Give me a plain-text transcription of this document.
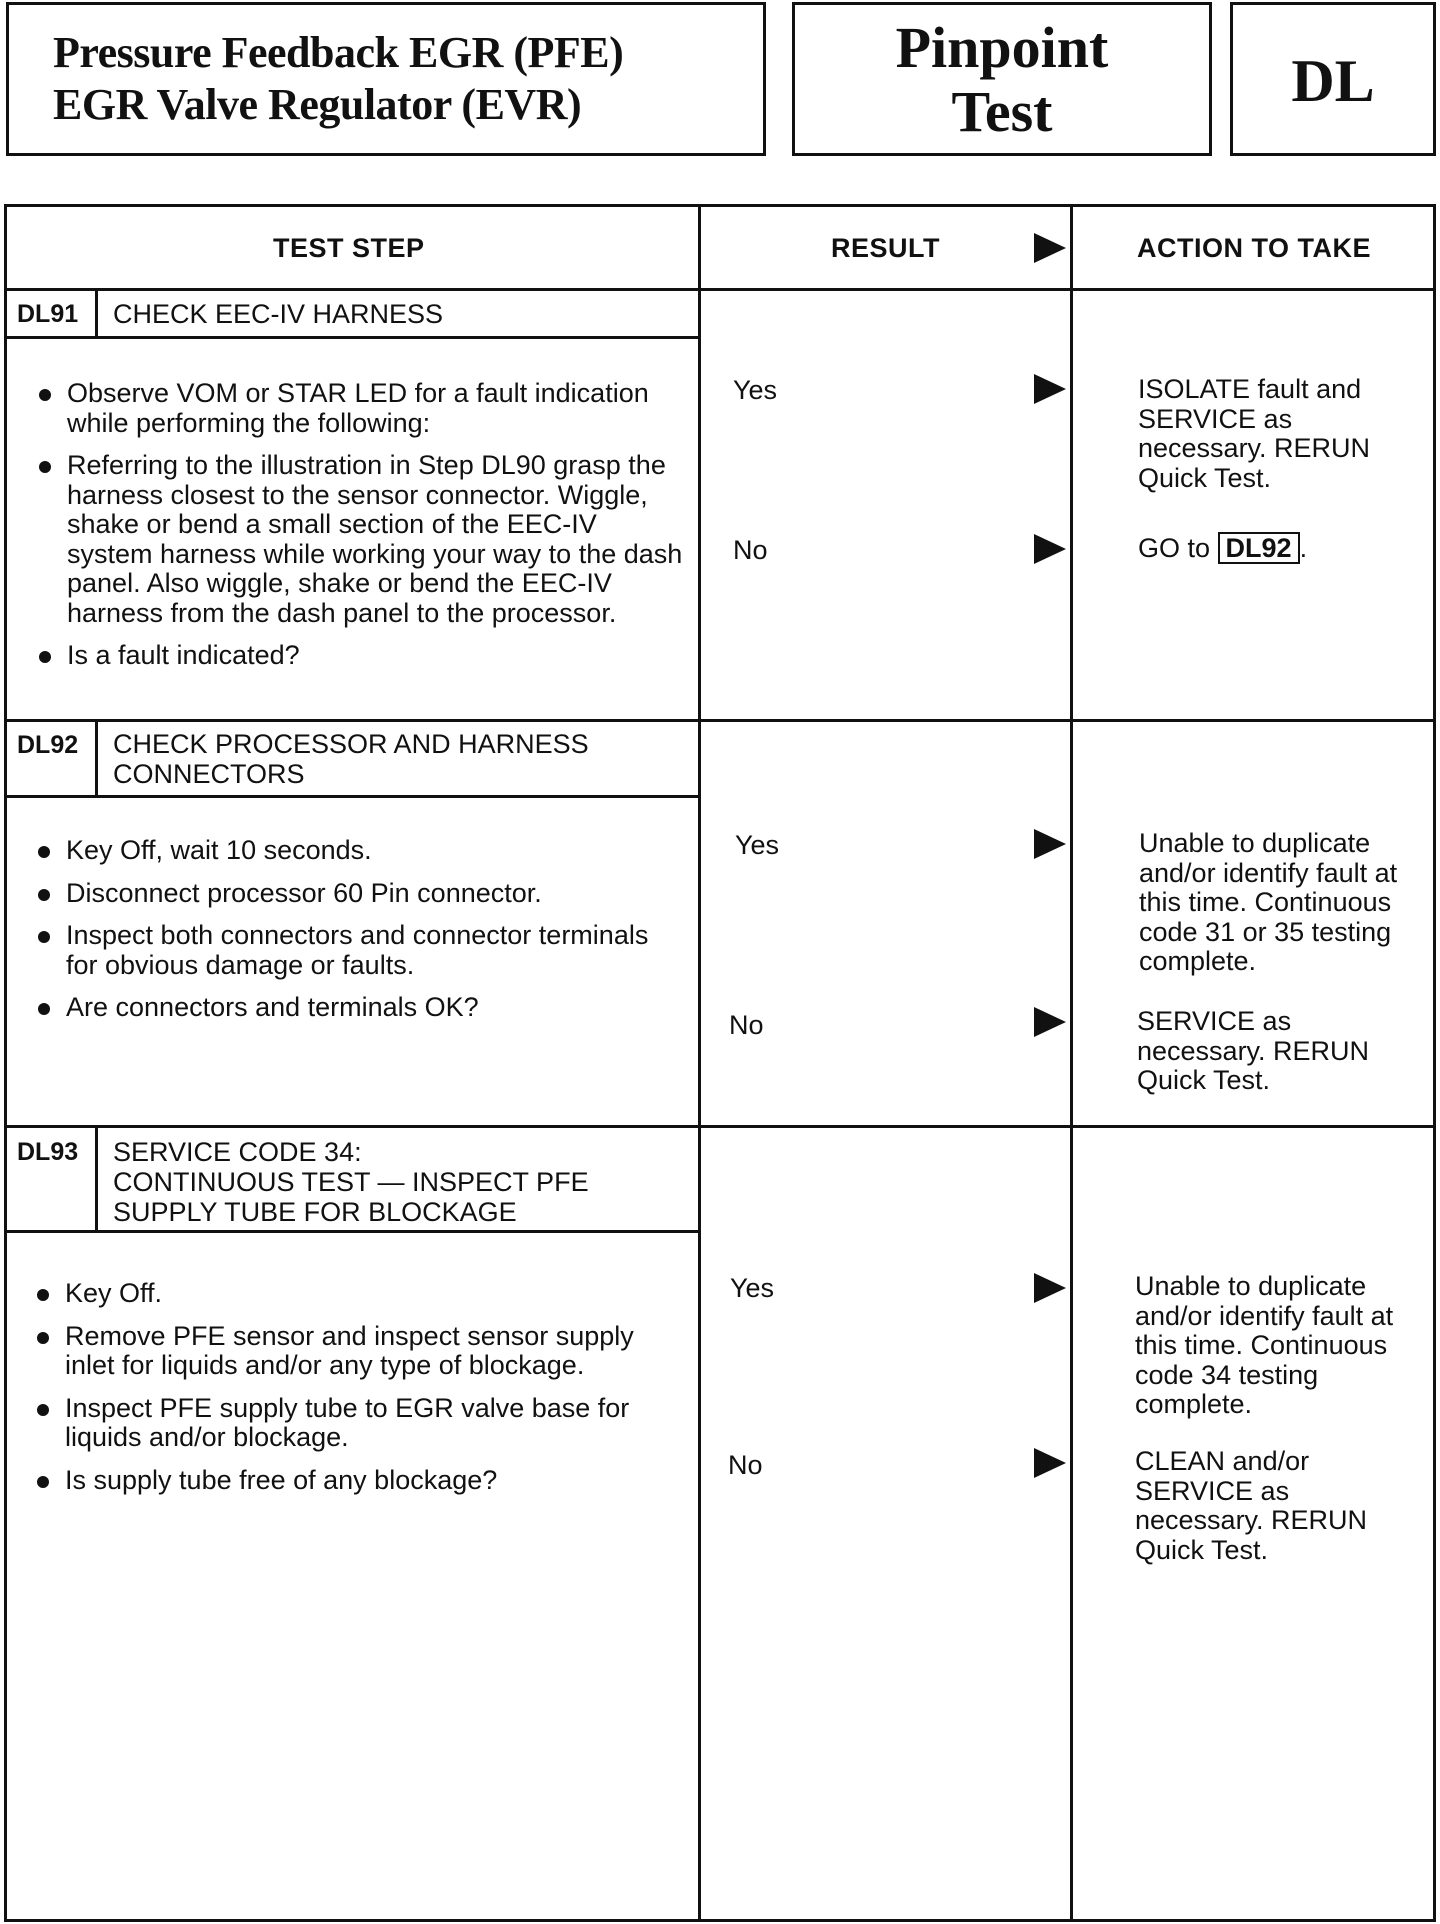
Pressure Feedback EGR (PFE)
EGR Valve Regulator (EVR)
Pinpoint
Test	DL
TEST STEP	RESULT	ACTION TO TAKE
DL91 CHECK EEC-IV HARNESS
Observe VOM or STAR LED for a fault indication while performing the following:
Referring to the illustration in Step DL90 grasp the harness closest to the sensor connector. Wiggle, shake or bend a small section of the EEC-IV system harness while working your way to the dash panel. Also wiggle, shake or bend the EEC-IV harness from the dash panel to the processor.
Is a fault indicated?
Yes	ISOLATE fault and SERVICE as necessary. RERUN Quick Test.
No	GO to DL92 .
DL92 CHECK PROCESSOR AND HARNESS
CONNECTORS
Key Off, wait 10 seconds.
Disconnect processor 60 Pin connector.
Inspect both connectors and connector terminals for obvious damage or faults.
Are connectors and terminals OK?
Yes	Unable to duplicate and/or identify fault at this time. Continuous code 31 or 35 testing complete.
No	SERVICE as necessary. RERUN Quick Test.
DL93 SERVICE CODE 34:
CONTINUOUS TEST — INSPECT PFE
SUPPLY TUBE FOR BLOCKAGE
Key Off.
Remove PFE sensor and inspect sensor supply inlet for liquids and/or any type of blockage.
Inspect PFE supply tube to EGR valve base for liquids and/or blockage.
Is supply tube free of any blockage?
Yes	Unable to duplicate and/or identify fault at this time. Continuous code 34 testing complete.
No	CLEAN and/or SERVICE as necessary. RERUN Quick Test.
